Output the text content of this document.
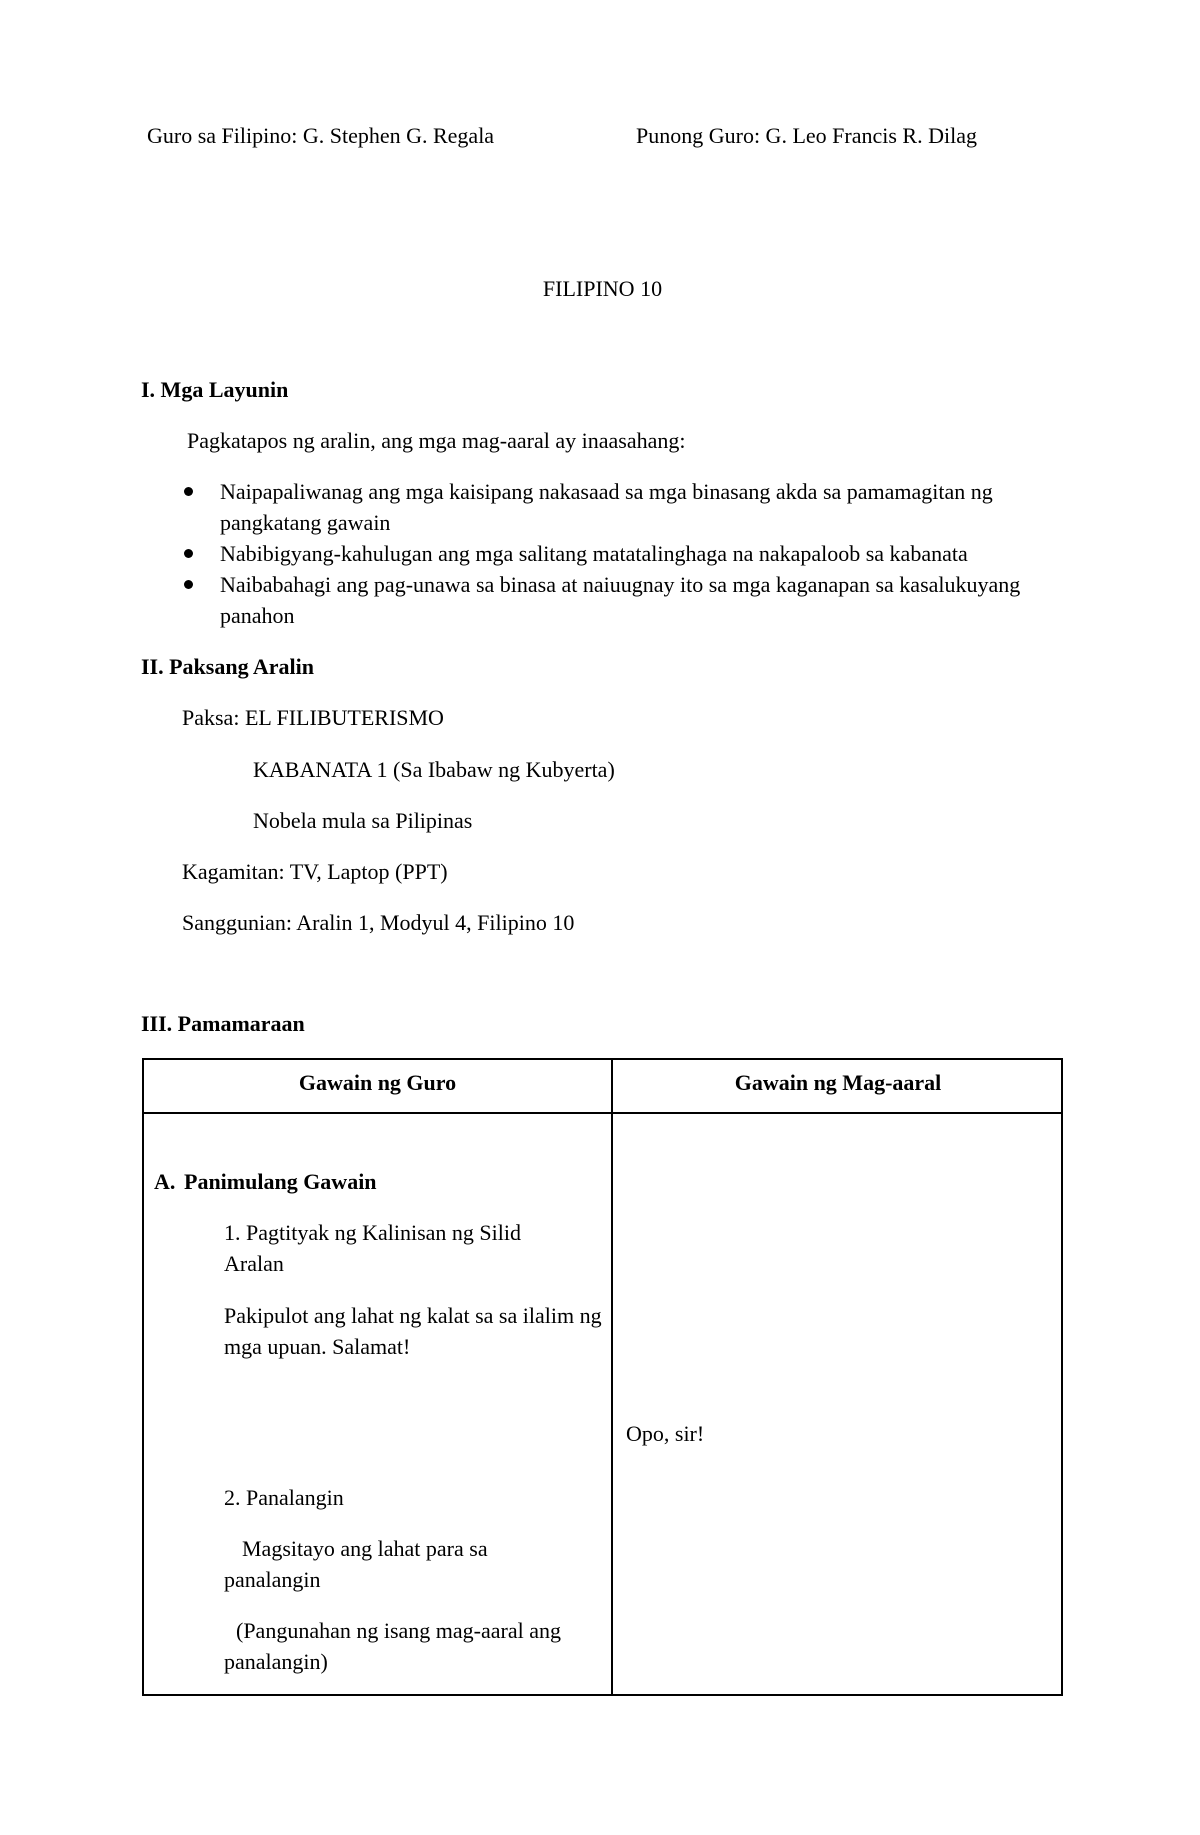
Guro sa Filipino: G. Stephen G. Regala	Punong Guro: G. Leo Francis R. Dilag
FILIPINO 10
I. Mga Layunin
Pagkatapos ng aralin, ang mga mag-aaral ay inaasahang:
Naipapaliwanag ang mga kaisipang nakasaad sa mga binasang akda sa pamamagitan ng pangkatang gawain
Nabibigyang-kahulugan ang mga salitang matatalinghaga na nakapaloob sa kabanata
Naibabahagi ang pag-unawa sa binasa at naiuugnay ito sa mga kaganapan sa kasalukuyang panahon
II. Paksang Aralin
Paksa: EL FILIBUTERISMO
KABANATA 1 (Sa Ibabaw ng Kubyerta)
Nobela mula sa Pilipinas
Kagamitan: TV, Laptop (PPT)
Sanggunian: Aralin 1, Modyul 4, Filipino 10
III. Pamamaraan
Gawain ng Guro	Gawain ng Mag-aaral
A. Panimulang Gawain
1. Pagtityak ng Kalinisan ng Silid Aralan
Pakipulot ang lahat ng kalat sa sa ilalim ng mga upuan. Salamat!
2. Panalangin
Magsitayo ang lahat para sa panalangin
(Pangunahan ng isang mag-aaral ang panalangin)
Opo, sir!
